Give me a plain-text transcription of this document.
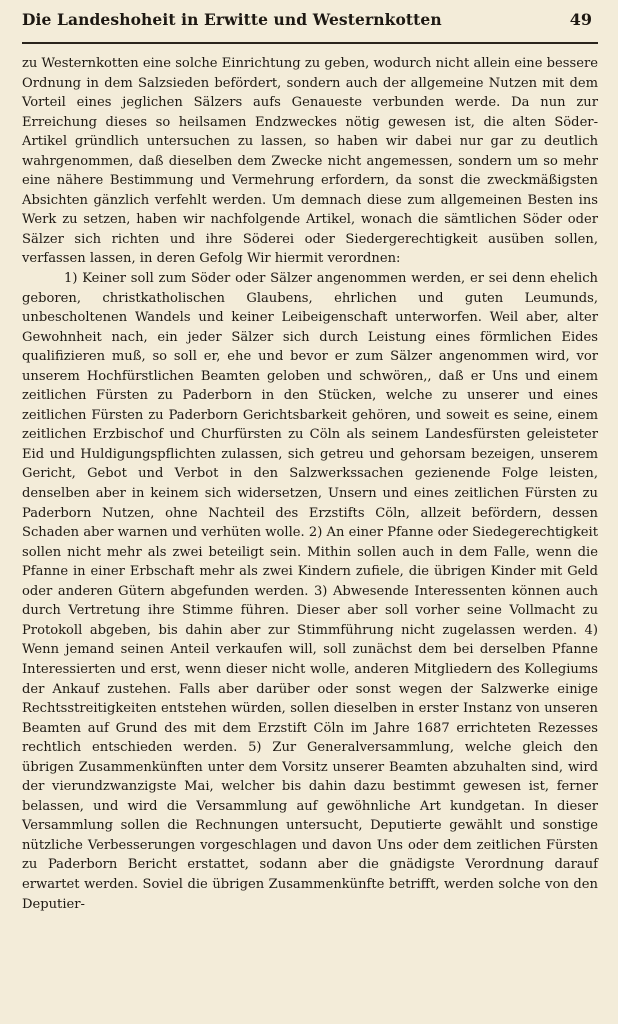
Die Landeshoheit in Erwitte und Westernkotten	49

zu Westernkotten eine solche Einrichtung zu geben, wodurch nicht allein eine bessere Ordnung in dem Salzsieden befördert, sondern auch der allgemeine Nutzen mit dem Vorteil eines jeglichen Sälzers aufs Genaueste verbunden werde. Da nun zur Erreichung dieses so heilsamen Endzweckes nötig gewesen ist, die alten Söder-Artikel gründlich untersuchen zu lassen, so haben wir dabei nur gar zu deutlich wahrgenommen, daß dieselben dem Zwecke nicht angemessen, sondern um so mehr eine nähere Bestimmung und Vermehrung erfordern, da sonst die zweckmäßigsten Absichten gänzlich verfehlt werden. Um demnach diese zum allgemeinen Besten ins Werk zu setzen, haben wir nachfolgende Artikel, wonach die sämtlichen Söder oder Sälzer sich richten und ihre Söderei oder Siedergerechtigkeit ausüben sollen, verfassen lassen, in deren Gefolg Wir hiermit verordnen:

1) Keiner soll zum Söder oder Sälzer angenommen werden, er sei denn ehelich geboren, christkatholischen Glaubens, ehrlichen und guten Leumunds, unbescholtenen Wandels und keiner Leibeigenschaft unterworfen. Weil aber, alter Gewohnheit nach, ein jeder Sälzer sich durch Leistung eines förmlichen Eides qualifizieren muß, so soll er, ehe und bevor er zum Sälzer angenommen wird, vor unserem Hochfürstlichen Beamten geloben und schwören,, daß er Uns und einem zeitlichen Fürsten zu Paderborn in den Stücken, welche zu unserer und eines zeitlichen Fürsten zu Paderborn Gerichtsbarkeit gehören, und soweit es seine, einem zeitlichen Erzbischof und Churfürsten zu Cöln als seinem Landesfürsten geleisteter Eid und Huldigungspflichten zulassen, sich getreu und gehorsam bezeigen, unserem Gericht, Gebot und Verbot in den Salzwerkssachen gezienende Folge leisten, denselben aber in keinem sich widersetzen, Unsern und eines zeitlichen Fürsten zu Paderborn Nutzen, ohne Nachteil des Erzstifts Cöln, allzeit befördern, dessen Schaden aber warnen und verhüten wolle. 2) An einer Pfanne oder Siedegerechtigkeit sollen nicht mehr als zwei beteiligt sein. Mithin sollen auch in dem Falle, wenn die Pfanne in einer Erbschaft mehr als zwei Kindern zufiele, die übrigen Kinder mit Geld oder anderen Gütern abgefunden werden. 3) Abwesende Interessenten können auch durch Vertretung ihre Stimme führen. Dieser aber soll vorher seine Vollmacht zu Protokoll abgeben, bis dahin aber zur Stimmführung nicht zugelassen werden. 4) Wenn jemand seinen Anteil verkaufen will, soll zunächst dem bei derselben Pfanne Interessierten und erst, wenn dieser nicht wolle, anderen Mitgliedern des Kollegiums der Ankauf zustehen. Falls aber darüber oder sonst wegen der Salzwerke einige Rechtsstreitigkeiten entstehen würden, sollen dieselben in erster Instanz von unseren Beamten auf Grund des mit dem Erzstift Cöln im Jahre 1687 errichteten Rezesses rechtlich entschieden werden. 5) Zur Generalversammlung, welche gleich den übrigen Zusammenkünften unter dem Vorsitz unserer Beamten abzuhalten sind, wird der vierundzwanzigste Mai, welcher bis dahin dazu bestimmt gewesen ist, ferner belassen, und wird die Versammlung auf gewöhnliche Art kundgetan. In dieser Versammlung sollen die Rechnungen untersucht, Deputierte gewählt und sonstige nützliche Verbesserungen vorgeschlagen und davon Uns oder dem zeitlichen Fürsten zu Paderborn Bericht erstattet, sodann aber die gnädigste Verordnung darauf erwartet werden. Soviel die übrigen Zusammenkünfte betrifft, werden solche von den Deputier-
